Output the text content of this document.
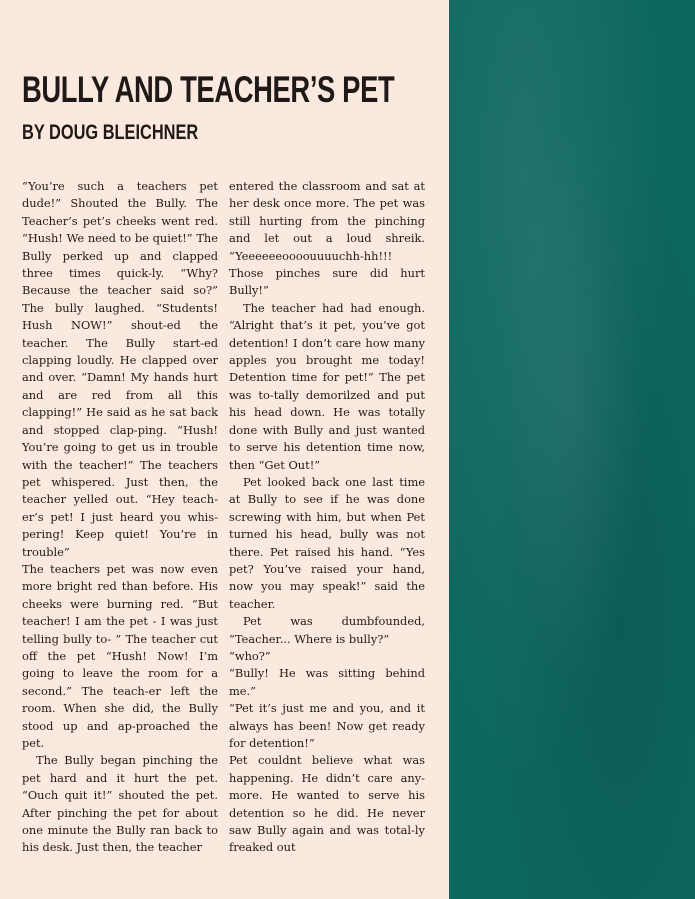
BULLY AND TEACHER’S PET
BY DOUG BLEICHNER

“You’re such a teachers pet dude!” Shouted the Bully. The Teacher’s pet’s cheeks went red. “Hush! We need to be quiet!” The Bully perked up and clapped three times quick-ly. “Why? Because the teacher said so?” The bully laughed. “Students! Hush NOW!” shout-ed the teacher. The Bully start-ed clapping loudly. He clapped over and over. “Damn! My hands hurt and are red from all this clapping!” He said as he sat back and stopped clap-ping. “Hush! You’re going to get us in trouble with the teacher!” The teachers pet whispered. Just then, the teacher yelled out. “Hey teach-er’s pet! I just heard you whis-pering! Keep quiet! You’re in trouble”

The teachers pet was now even more bright red than before. His cheeks were burning red. “But teacher! I am the pet - I was just telling bully to- ” The teacher cut off the pet “Hush! Now! I’m going to leave the room for a second.” The teach-er left the room. When she did, the Bully stood up and ap-proached the pet.

The Bully began pinching the pet hard and it hurt the pet. “Ouch quit it!” shouted the pet. After pinching the pet for about one minute the Bully ran back to his desk. Just then, the teacher

entered the classroom and sat at her desk once more. The pet was still hurting from the pinching and let out a loud shreik. “Yeeeeeeoooouuuuchh-hh!!! Those pinches sure did hurt Bully!”

The teacher had had enough. “Alright that’s it pet, you’ve got detention! I don’t care how many apples you brought me today! Detention time for pet!” The pet was to-tally demorilzed and put his head down. He was totally done with Bully and just wanted to serve his detention time now, then “Get Out!”

Pet looked back one last time at Bully to see if he was done screwing with him, but when Pet turned his head, bully was not there. Pet raised his hand. “Yes pet? You’ve raised your hand, now you may speak!” said the teacher.

Pet was dumbfounded, “Teacher... Where is bully?”

“who?”

“Bully! He was sitting behind me.”

“Pet it’s just me and you, and it always has been! Now get ready for detention!”

Pet couldnt believe what was happening. He didn’t care any-more. He wanted to serve his detention so he did. He never saw Bully again and was total-ly freaked out
